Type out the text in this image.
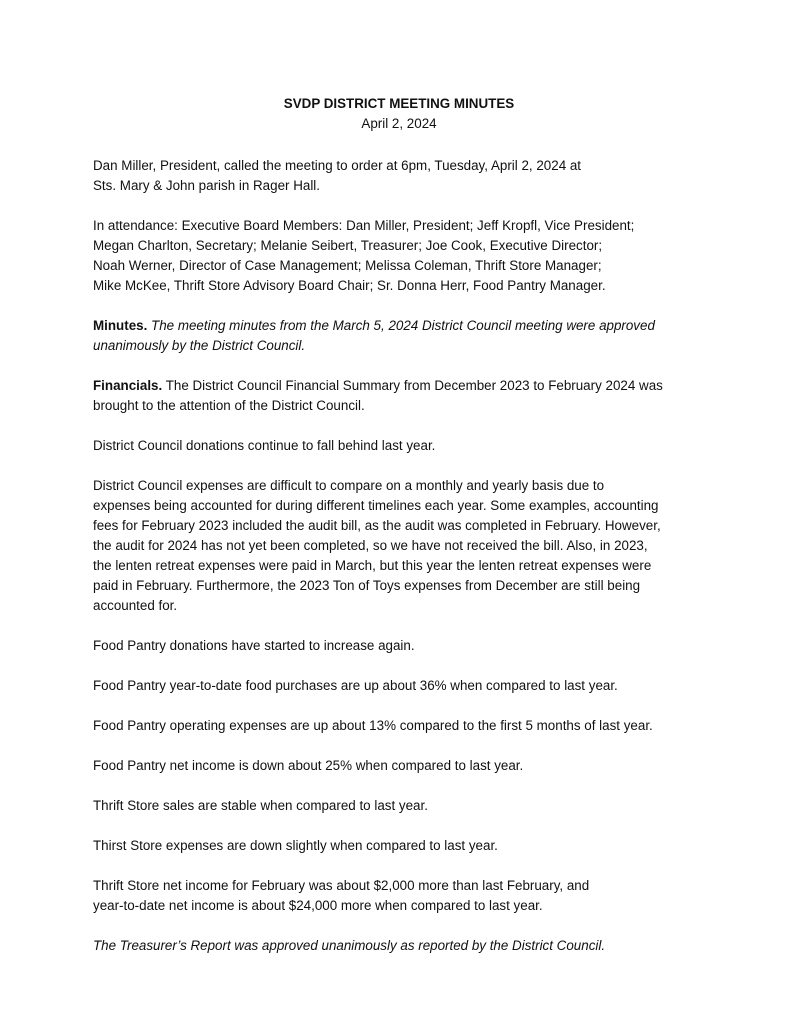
SVDP DISTRICT MEETING MINUTES
April 2, 2024

Dan Miller, President, called the meeting to order at 6pm, Tuesday, April 2, 2024 at
Sts. Mary & John parish in Rager Hall.

In attendance: Executive Board Members: Dan Miller, President; Jeff Kropfl, Vice President;
Megan Charlton, Secretary; Melanie Seibert, Treasurer; Joe Cook, Executive Director;
Noah Werner, Director of Case Management; Melissa Coleman, Thrift Store Manager;
Mike McKee, Thrift Store Advisory Board Chair; Sr. Donna Herr, Food Pantry Manager.

Minutes. The meeting minutes from the March 5, 2024 District Council meeting were approved
unanimously by the District Council.

Financials. The District Council Financial Summary from December 2023 to February 2024 was
brought to the attention of the District Council.

District Council donations continue to fall behind last year.

District Council expenses are difficult to compare on a monthly and yearly basis due to
expenses being accounted for during different timelines each year. Some examples, accounting
fees for February 2023 included the audit bill, as the audit was completed in February. However,
the audit for 2024 has not yet been completed, so we have not received the bill. Also, in 2023,
the lenten retreat expenses were paid in March, but this year the lenten retreat expenses were
paid in February. Furthermore, the 2023 Ton of Toys expenses from December are still being
accounted for.

Food Pantry donations have started to increase again.

Food Pantry year-to-date food purchases are up about 36% when compared to last year.

Food Pantry operating expenses are up about 13% compared to the first 5 months of last year.

Food Pantry net income is down about 25% when compared to last year.

Thrift Store sales are stable when compared to last year.

Thirst Store expenses are down slightly when compared to last year.

Thrift Store net income for February was about $2,000 more than last February, and
year-to-date net income is about $24,000 more when compared to last year.

The Treasurer’s Report was approved unanimously as reported by the District Council.
